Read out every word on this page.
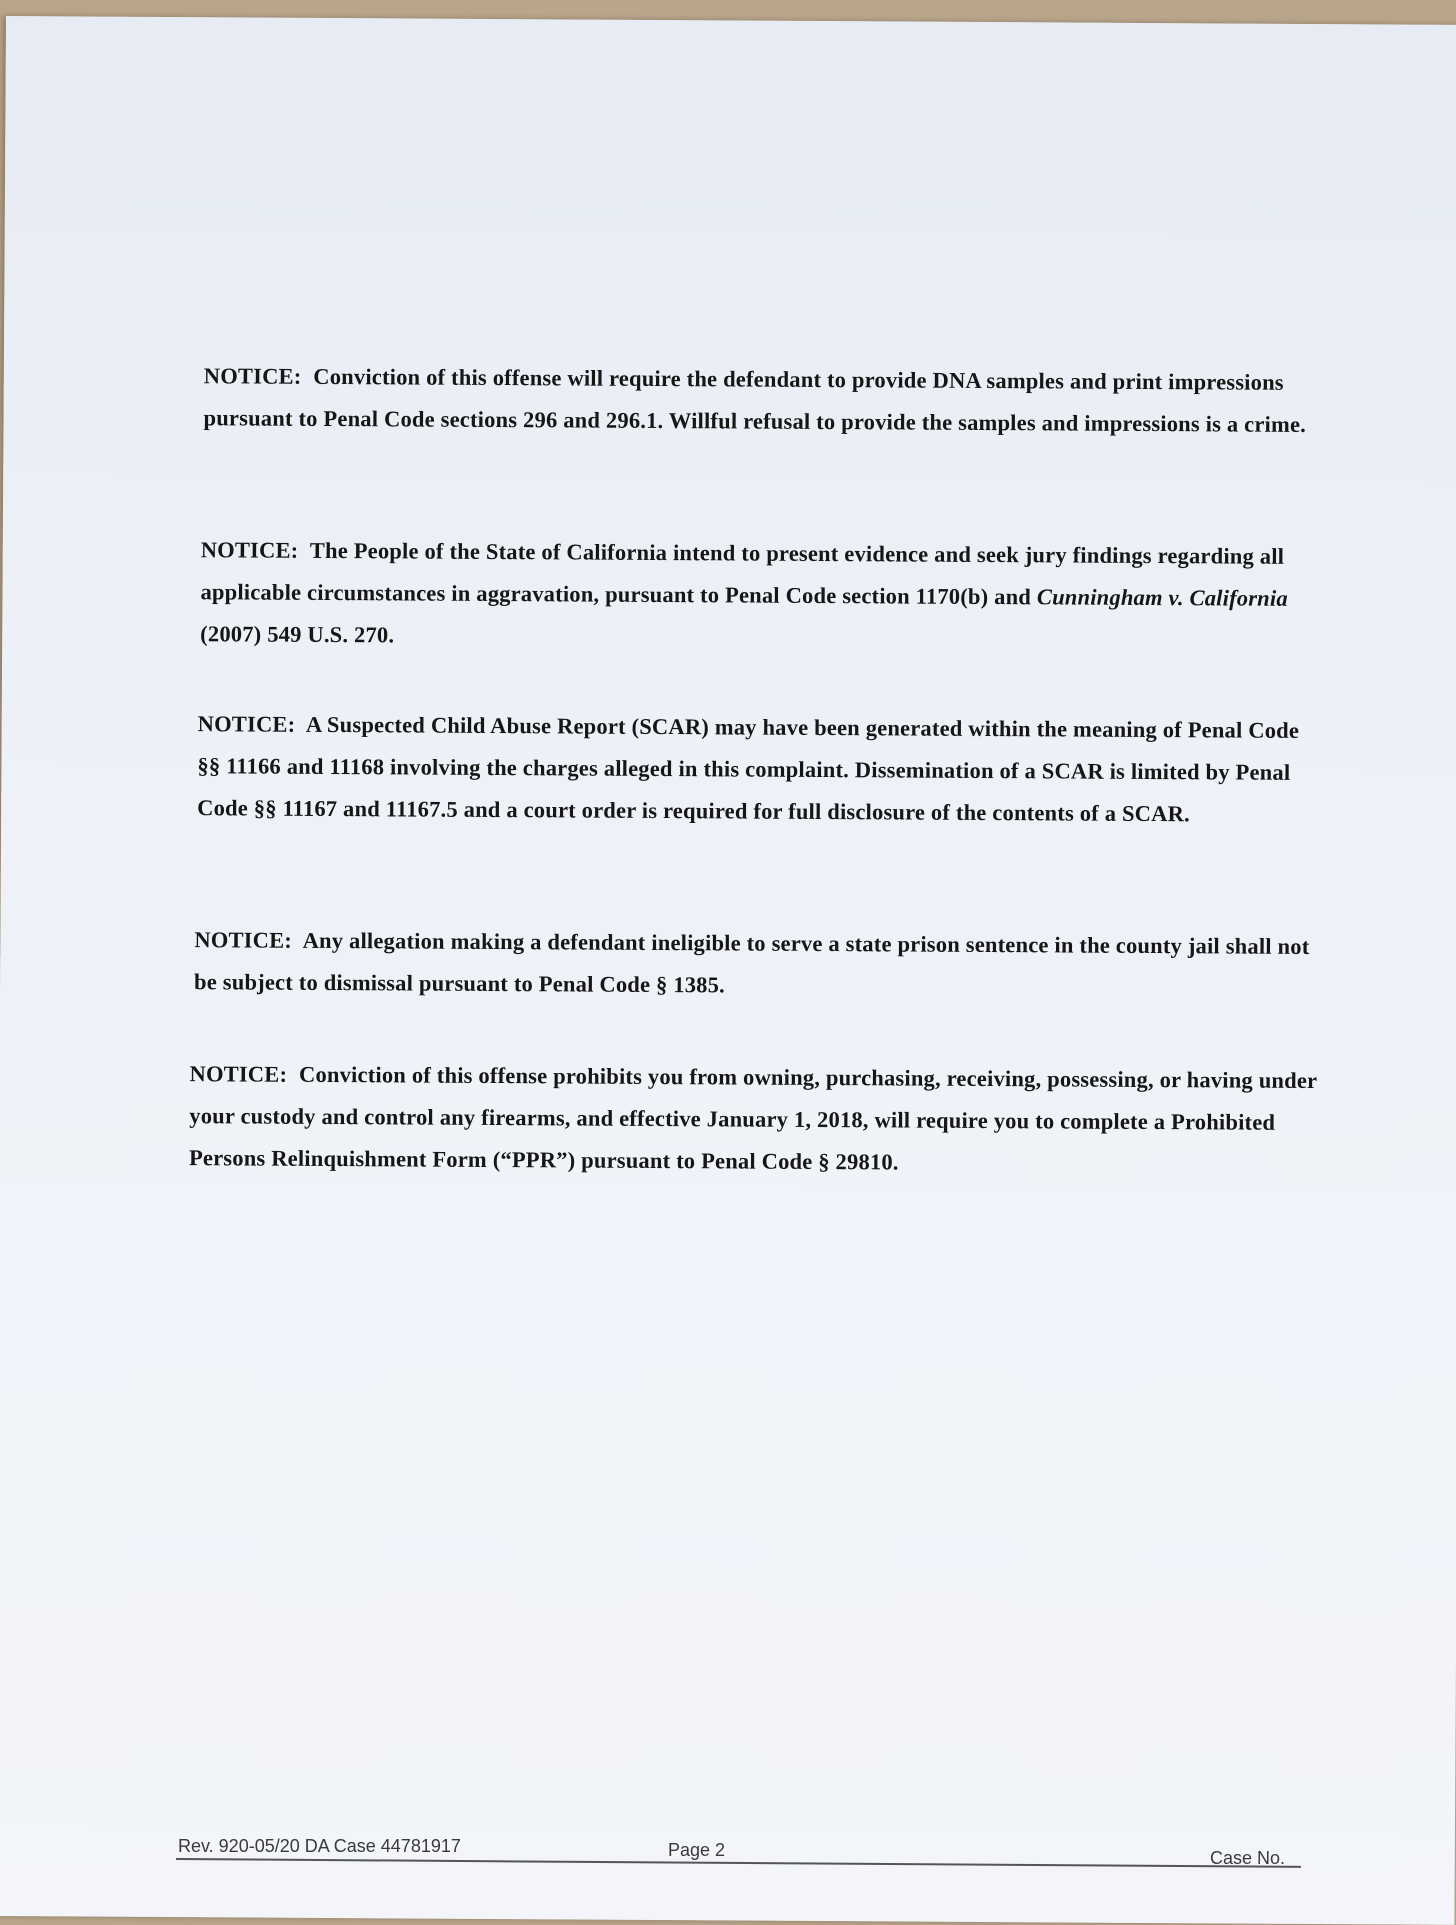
NOTICE: Conviction of this offense will require the defendant to provide DNA samples and print impressions pursuant to Penal Code sections 296 and 296.1. Willful refusal to provide the samples and impressions is a crime.

NOTICE: The People of the State of California intend to present evidence and seek jury findings regarding all applicable circumstances in aggravation, pursuant to Penal Code section 1170(b) and Cunningham v. California (2007) 549 U.S. 270.

NOTICE: A Suspected Child Abuse Report (SCAR) may have been generated within the meaning of Penal Code §§ 11166 and 11168 involving the charges alleged in this complaint. Dissemination of a SCAR is limited by Penal Code §§ 11167 and 11167.5 and a court order is required for full disclosure of the contents of a SCAR.

NOTICE: Any allegation making a defendant ineligible to serve a state prison sentence in the county jail shall not be subject to dismissal pursuant to Penal Code § 1385.

NOTICE: Conviction of this offense prohibits you from owning, purchasing, receiving, possessing, or having under your custody and control any firearms, and effective January 1, 2018, will require you to complete a Prohibited Persons Relinquishment Form (“PPR”) pursuant to Penal Code § 29810.

Rev. 920-05/20 DA Case 44781917	Page 2	Case No.
